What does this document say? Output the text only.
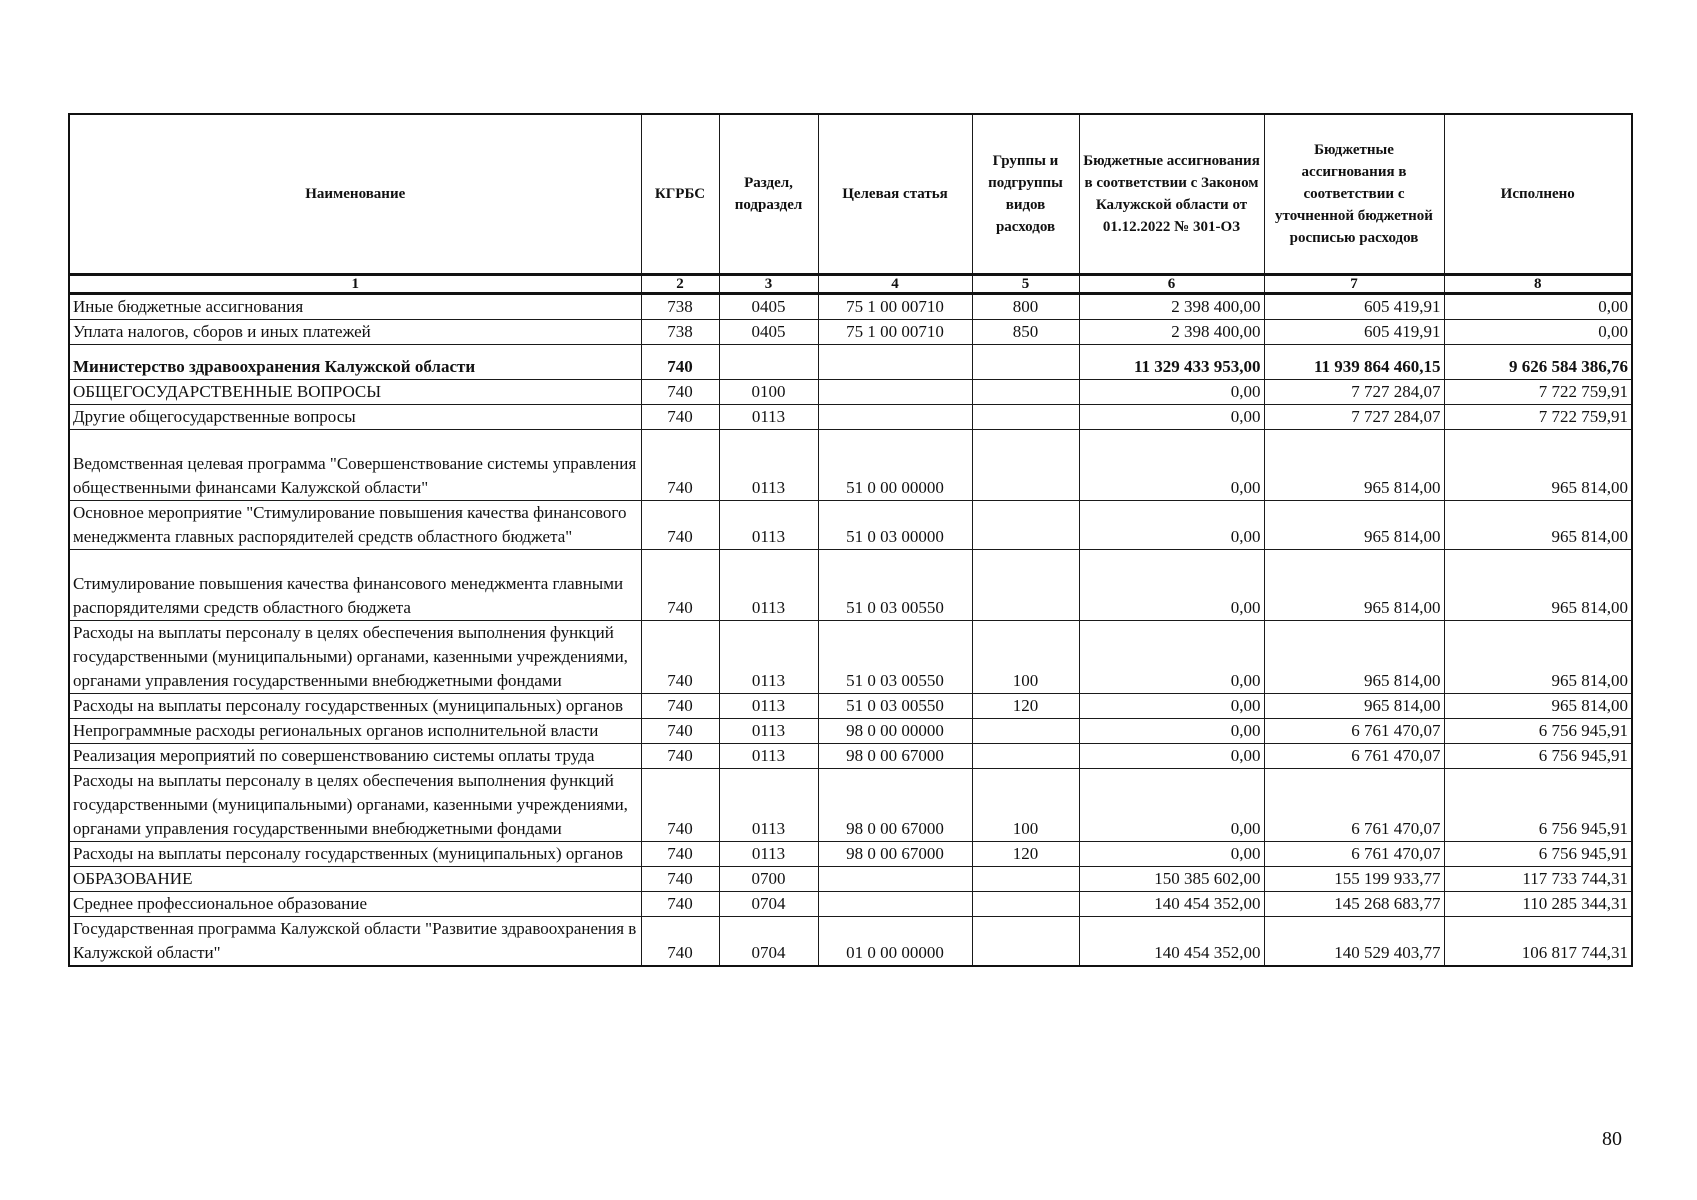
Наименование	КГРБС	Раздел, подраздел	Целевая статья	Группы и подгруппы видов расходов	Бюджетные ассигнования в соответствии с Законом Калужской области от 01.12.2022 № 301-ОЗ	Бюджетные ассигнования в соответствии с уточненной бюджетной росписью расходов	Исполнено
1	2	3	4	5	6	7	8
Иные бюджетные ассигнования	738	0405	75 1 00 00710	800	2 398 400,00	605 419,91	0,00
Уплата налогов, сборов и иных платежей	738	0405	75 1 00 00710	850	2 398 400,00	605 419,91	0,00
Министерство здравоохранения Калужской области	740				11 329 433 953,00	11 939 864 460,15	9 626 584 386,76
ОБЩЕГОСУДАРСТВЕННЫЕ ВОПРОСЫ	740	0100			0,00	7 727 284,07	7 722 759,91
Другие общегосударственные вопросы	740	0113			0,00	7 727 284,07	7 722 759,91
Ведомственная целевая программа "Совершенствование системы управления общественными финансами Калужской области"	740	0113	51 0 00 00000		0,00	965 814,00	965 814,00
Основное мероприятие "Стимулирование повышения качества финансового менеджмента главных распорядителей средств областного бюджета"	740	0113	51 0 03 00000		0,00	965 814,00	965 814,00
Стимулирование повышения качества финансового менеджмента главными распорядителями средств областного бюджета	740	0113	51 0 03 00550		0,00	965 814,00	965 814,00
Расходы на выплаты персоналу в целях обеспечения выполнения функций государственными (муниципальными) органами, казенными учреждениями, органами управления государственными внебюджетными фондами	740	0113	51 0 03 00550	100	0,00	965 814,00	965 814,00
Расходы на выплаты персоналу государственных (муниципальных) органов	740	0113	51 0 03 00550	120	0,00	965 814,00	965 814,00
Непрограммные расходы региональных органов исполнительной власти	740	0113	98 0 00 00000		0,00	6 761 470,07	6 756 945,91
Реализация мероприятий по совершенствованию системы оплаты труда	740	0113	98 0 00 67000		0,00	6 761 470,07	6 756 945,91
Расходы на выплаты персоналу в целях обеспечения выполнения функций государственными (муниципальными) органами, казенными учреждениями, органами управления государственными внебюджетными фондами	740	0113	98 0 00 67000	100	0,00	6 761 470,07	6 756 945,91
Расходы на выплаты персоналу государственных (муниципальных) органов	740	0113	98 0 00 67000	120	0,00	6 761 470,07	6 756 945,91
ОБРАЗОВАНИЕ	740	0700			150 385 602,00	155 199 933,77	117 733 744,31
Среднее профессиональное образование	740	0704			140 454 352,00	145 268 683,77	110 285 344,31
Государственная программа Калужской области "Развитие здравоохранения в Калужской области"	740	0704	01 0 00 00000		140 454 352,00	140 529 403,77	106 817 744,31
80
